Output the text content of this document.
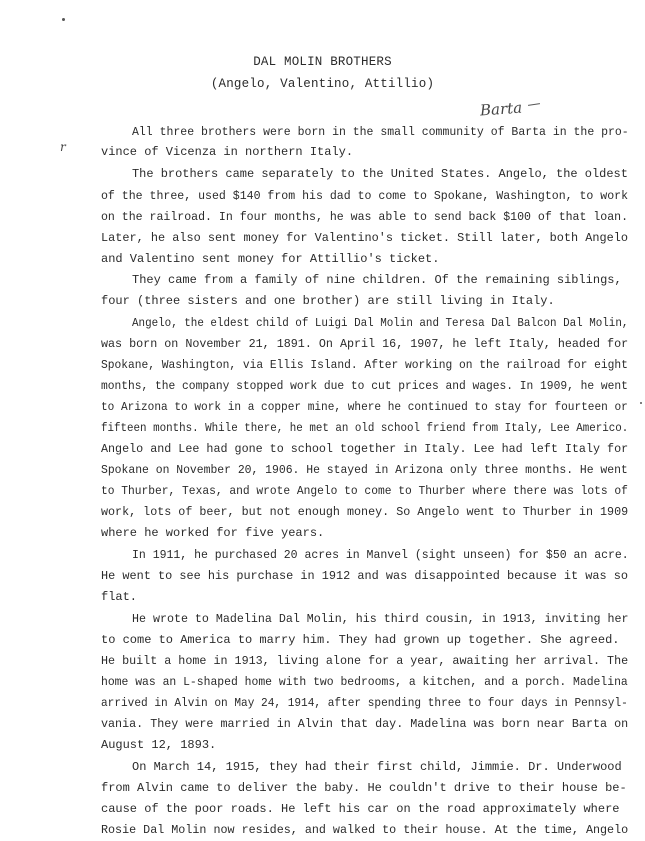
DAL MOLIN BROTHERS
(Angelo, Valentino, Attillio)
Barta
r
All three brothers were born in the small community of Barta in the pro-
vince of Vicenza in northern Italy.
The brothers came separately to the United States. Angelo, the oldest
of the three, used $140 from his dad to come to Spokane, Washington, to work
on the railroad. In four months, he was able to send back $100 of that loan.
Later, he also sent money for Valentino's ticket. Still later, both Angelo
and Valentino sent money for Attillio's ticket.
They came from a family of nine children. Of the remaining siblings,
four (three sisters and one brother) are still living in Italy.
Angelo, the eldest child of Luigi Dal Molin and Teresa Dal Balcon Dal Molin,
was born on November 21, 1891. On April 16, 1907, he left Italy, headed for
Spokane, Washington, via Ellis Island. After working on the railroad for eight
months, the company stopped work due to cut prices and wages. In 1909, he went
to Arizona to work in a copper mine, where he continued to stay for fourteen or
fifteen months. While there, he met an old school friend from Italy, Lee Americo.
Angelo and Lee had gone to school together in Italy. Lee had left Italy for
Spokane on November 20, 1906. He stayed in Arizona only three months. He went
to Thurber, Texas, and wrote Angelo to come to Thurber where there was lots of
work, lots of beer, but not enough money. So Angelo went to Thurber in 1909
where he worked for five years.
In 1911, he purchased 20 acres in Manvel (sight unseen) for $50 an acre.
He went to see his purchase in 1912 and was disappointed because it was so
flat.
He wrote to Madelina Dal Molin, his third cousin, in 1913, inviting her
to come to America to marry him. They had grown up together. She agreed.
He built a home in 1913, living alone for a year, awaiting her arrival. The
home was an L-shaped home with two bedrooms, a kitchen, and a porch. Madelina
arrived in Alvin on May 24, 1914, after spending three to four days in Pennsyl-
vania. They were married in Alvin that day. Madelina was born near Barta on
August 12, 1893.
On March 14, 1915, they had their first child, Jimmie. Dr. Underwood
from Alvin came to deliver the baby. He couldn't drive to their house be-
cause of the poor roads. He left his car on the road approximately where
Rosie Dal Molin now resides, and walked to their house. At the time, Angelo
